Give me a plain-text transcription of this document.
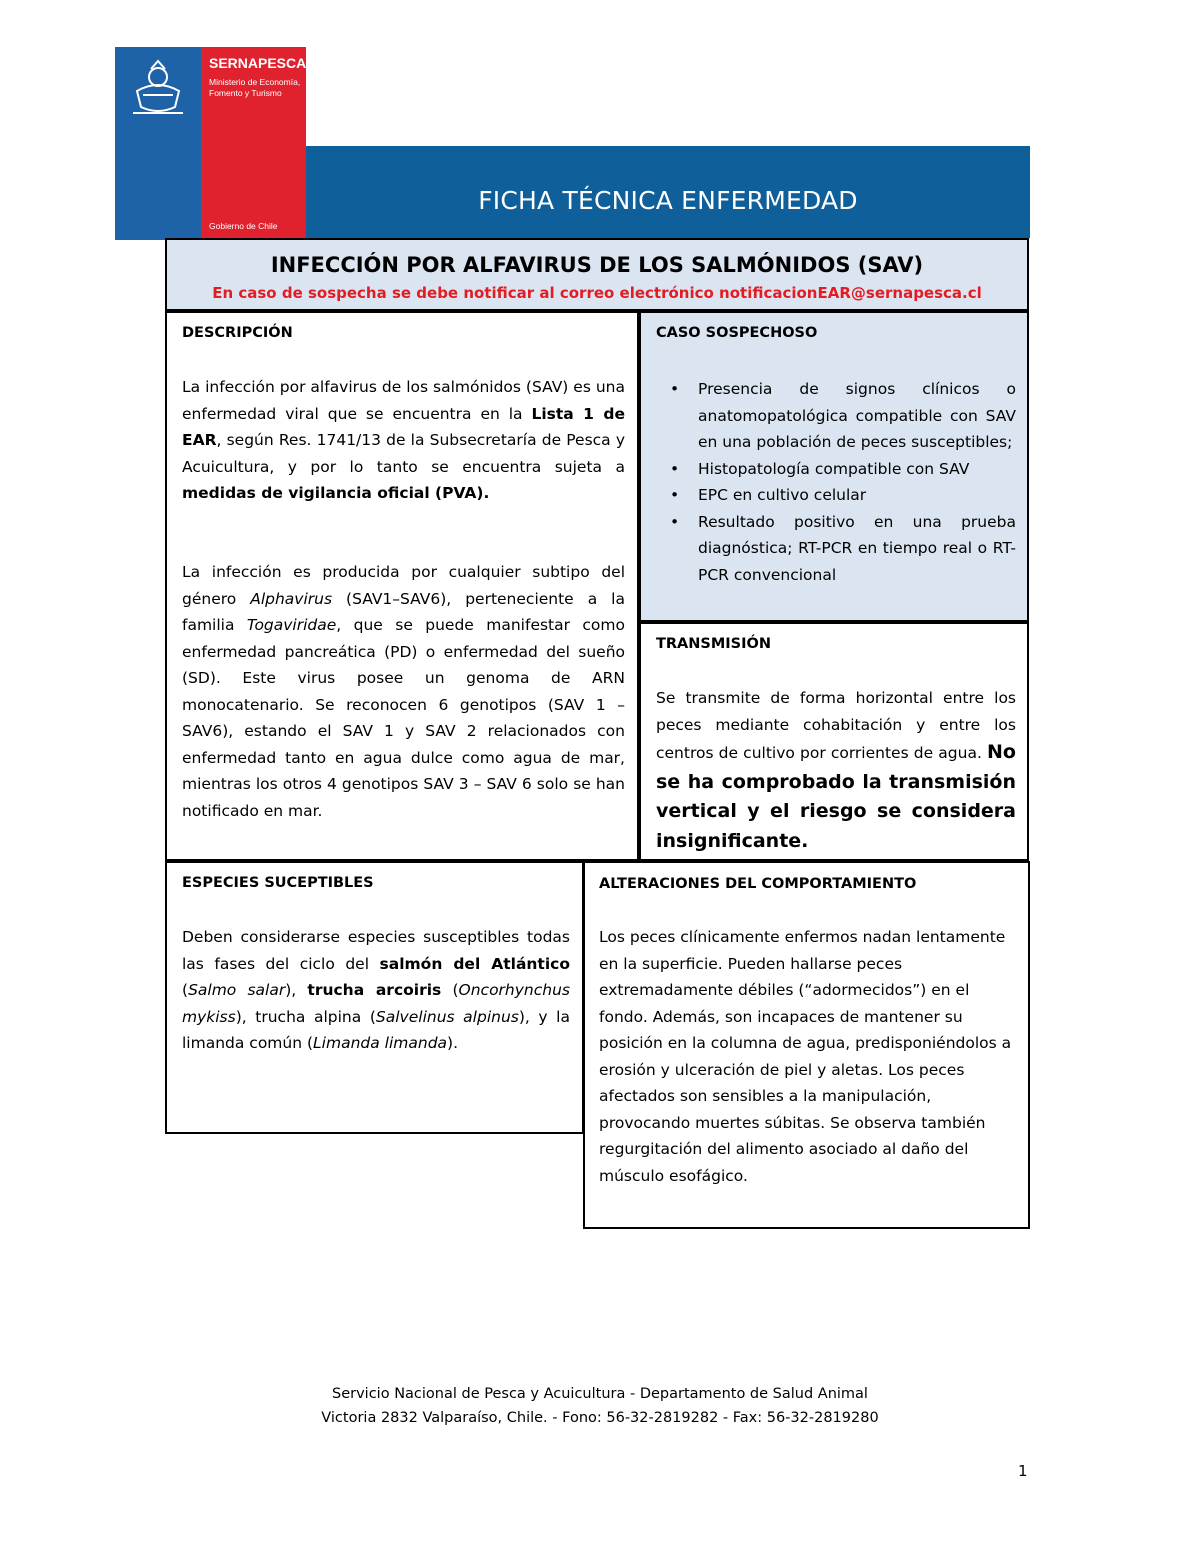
SERNAPESCA
Ministerio de Economía, Fomento y Turismo
Gobierno de Chile
FICHA TÉCNICA ENFERMEDAD
INFECCIÓN POR ALFAVIRUS DE LOS SALMÓNIDOS (SAV)
En caso de sospecha se debe notificar al correo electrónico notificacionEAR@sernapesca.cl
DESCRIPCIÓN
La infección por alfavirus de los salmónidos (SAV) es una enfermedad viral que se encuentra en la Lista 1 de EAR, según Res. 1741/13 de la Subsecretaría de Pesca y Acuicultura, y por lo tanto se encuentra sujeta a medidas de vigilancia oficial (PVA).
La infección es producida por cualquier subtipo del género Alphavirus (SAV1–SAV6), perteneciente a la familia Togaviridae, que se puede manifestar como enfermedad pancreática (PD) o enfermedad del sueño (SD). Este virus posee un genoma de ARN monocatenario. Se reconocen 6 genotipos (SAV 1 – SAV6), estando el SAV 1 y SAV 2 relacionados con enfermedad tanto en agua dulce como agua de mar, mientras los otros 4 genotipos SAV 3 – SAV 6 solo se han notificado en mar.
CASO SOSPECHOSO
• Presencia de signos clínicos o anatomopatológica compatible con SAV en una población de peces susceptibles;
• Histopatología compatible con SAV
• EPC en cultivo celular
• Resultado positivo en una prueba diagnóstica; RT-PCR en tiempo real o RT-PCR convencional
TRANSMISIÓN
Se transmite de forma horizontal entre los peces mediante cohabitación y entre los centros de cultivo por corrientes de agua. No se ha comprobado la transmisión vertical y el riesgo se considera insignificante.
ESPECIES SUCEPTIBLES
Deben considerarse especies susceptibles todas las fases del ciclo del salmón del Atlántico (Salmo salar), trucha arcoiris (Oncorhynchus mykiss), trucha alpina (Salvelinus alpinus), y la limanda común (Limanda limanda).
ALTERACIONES DEL COMPORTAMIENTO
Los peces clínicamente enfermos nadan lentamente en la superficie. Pueden hallarse peces extremadamente débiles (“adormecidos”) en el fondo. Además, son incapaces de mantener su posición en la columna de agua, predisponiéndolos a erosión y ulceración de piel y aletas. Los peces afectados son sensibles a la manipulación, provocando muertes súbitas. Se observa también regurgitación del alimento asociado al daño del músculo esofágico.
Servicio Nacional de Pesca y Acuicultura - Departamento de Salud Animal
Victoria 2832 Valparaíso, Chile. - Fono: 56-32-2819282 - Fax: 56-32-2819280
1
